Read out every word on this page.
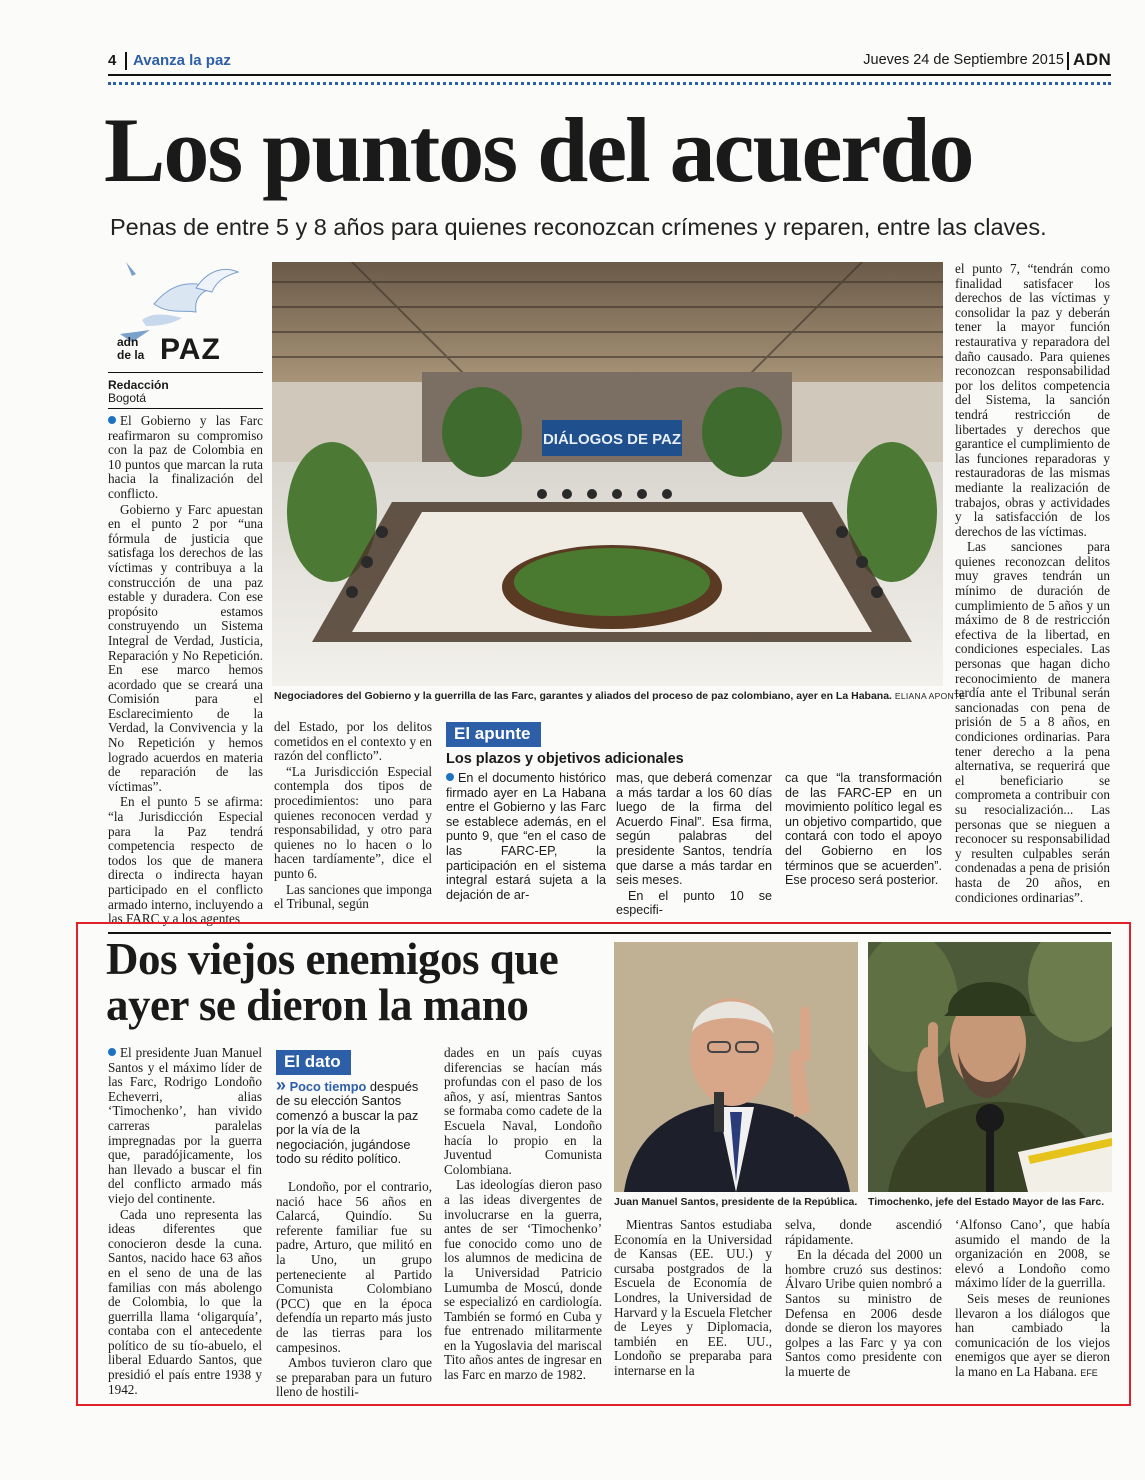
4 Avanza la paz	Jueves 24 de Septiembre 2015 ADN
Los puntos del acuerdo
Penas de entre 5 y 8 años para quienes reconozcan crímenes y reparen, entre las claves.
adn
de la PAZ
Redacción
Bogotá

El Gobierno y las Farc reafirmaron su compromiso con la paz de Colombia en 10 puntos que marcan la ruta hacia la finalización del conflicto.

Gobierno y Farc apuestan en el punto 2 por “una fórmula de justicia que satisfaga los derechos de las víctimas y contribuya a la construcción de una paz estable y duradera. Con ese propósito estamos construyendo un Sistema Integral de Verdad, Justicia, Reparación y No Repetición. En ese marco hemos acordado que se creará una Comisión para el Esclarecimiento de la Verdad, la Convivencia y la No Repetición y hemos logrado acuerdos en materia de reparación de las víctimas”.

En el punto 5 se afirma: “la Jurisdicción Especial para la Paz tendrá competencia respecto de todos los que de manera directa o indirecta hayan participado en el conflicto armado interno, incluyendo a las FARC y a los agentes

DIÁLOGOS DE PAZ
Negociadores del Gobierno y la guerrilla de las Farc, garantes y aliados del proceso de paz colombiano, ayer en La Habana. ELIANA APONTE

del Estado, por los delitos cometidos en el contexto y en razón del conflicto”.

“La Jurisdicción Especial contempla dos tipos de procedimientos: uno para quienes reconocen verdad y responsabilidad, y otro para quienes no lo hacen o lo hacen tardíamente”, dice el punto 6.

Las sanciones que imponga el Tribunal, según

El apunte
Los plazos y objetivos adicionales

En el documento histórico firmado ayer en La Habana entre el Gobierno y las Farc se establece además, en el punto 9, que “en el caso de las FARC-EP, la participación en el sistema integral estará sujeta a la dejación de ar-

mas, que deberá comenzar a más tardar a los 60 días luego de la firma del Acuerdo Final”. Esa firma, según palabras del presidente Santos, tendría que darse a más tardar en seis meses.

En el punto 10 se especifi-

ca que “la transformación de las FARC-EP en un movimiento político legal es un objetivo compartido, que contará con todo el apoyo del Gobierno en los términos que se acuerden”. Ese proceso será posterior.

el punto 7, “tendrán como finalidad satisfacer los derechos de las víctimas y consolidar la paz y deberán tener la mayor función restaurativa y reparadora del daño causado. Para quienes reconozcan responsabilidad por los delitos competencia del Sistema, la sanción tendrá restricción de libertades y derechos que garantice el cumplimiento de las funciones reparadoras y restauradoras de las mismas mediante la realización de trabajos, obras y actividades y la satisfacción de los derechos de las víctimas.

Las sanciones para quienes reconozcan delitos muy graves tendrán un mínimo de duración de cumplimiento de 5 años y un máximo de 8 de restricción efectiva de la libertad, en condiciones especiales. Las personas que hagan dicho reconocimiento de manera tardía ante el Tribunal serán sancionadas con pena de prisión de 5 a 8 años, en condiciones ordinarias. Para tener derecho a la pena alternativa, se requerirá que el beneficiario se comprometa a contribuir con su resocialización... Las personas que se nieguen a reconocer su responsabilidad y resulten culpables serán condenadas a pena de prisión hasta de 20 años, en condiciones ordinarias”.

Dos viejos enemigos que
ayer se dieron la mano

El presidente Juan Manuel Santos y el máximo líder de las Farc, Rodrigo Londoño Echeverri, alias ‘Timochenko’, han vivido carreras paralelas impregnadas por la guerra que, paradójicamente, los han llevado a buscar el fin del conflicto armado más viejo del continente.

Cada uno representa las ideas diferentes que conocieron desde la cuna. Santos, nacido hace 63 años en el seno de una de las familias con más abolengo de Colombia, lo que la guerrilla llama ‘oligarquía’, contaba con el antecedente político de su tío-abuelo, el liberal Eduardo Santos, que presidió el país entre 1938 y 1942.

El dato
» Poco tiempo después de su elección Santos comenzó a buscar la paz por la vía de la negociación, jugándose todo su rédito político.

Londoño, por el contrario, nació hace 56 años en Calarcá, Quindío. Su referente familiar fue su padre, Arturo, que militó en la Uno, un grupo perteneciente al Partido Comunista Colombiano (PCC) que en la época defendía un reparto más justo de las tierras para los campesinos.

Ambos tuvieron claro que se preparaban para un futuro lleno de hostili-

dades en un país cuyas diferencias se hacían más profundas con el paso de los años, y así, mientras Santos se formaba como cadete de la Escuela Naval, Londoño hacía lo propio en la Juventud Comunista Colombiana.

Las ideologías dieron paso a las ideas divergentes de involucrarse en la guerra, antes de ser ‘Timochenko’ fue conocido como uno de los alumnos de medicina de la Universidad Patricio Lumumba de Moscú, donde se especializó en cardiología. También se formó en Cuba y fue entrenado militarmente en la Yugoslavia del mariscal Tito años antes de ingresar en las Farc en marzo de 1982.

Juan Manuel Santos, presidente de la República. Timochenko, jefe del Estado Mayor de las Farc.

Mientras Santos estudiaba Economía en la Universidad de Kansas (EE. UU.) y cursaba postgrados de la Escuela de Economía de Londres, la Universidad de Harvard y la Escuela Fletcher de Leyes y Diplomacia, también en EE. UU., Londoño se preparaba para internarse en la

selva, donde ascendió rápidamente.

En la década del 2000 un hombre cruzó sus destinos: Álvaro Uribe quien nombró a Santos su ministro de Defensa en 2006 desde donde se dieron los mayores golpes a las Farc y ya con Santos como presidente con la muerte de

‘Alfonso Cano’, que había asumido el mando de la organización en 2008, se elevó a Londoño como máximo líder de la guerrilla.

Seis meses de reuniones llevaron a los diálogos que han cambiado la comunicación de los viejos enemigos que ayer se dieron la mano en La Habana. EFE
